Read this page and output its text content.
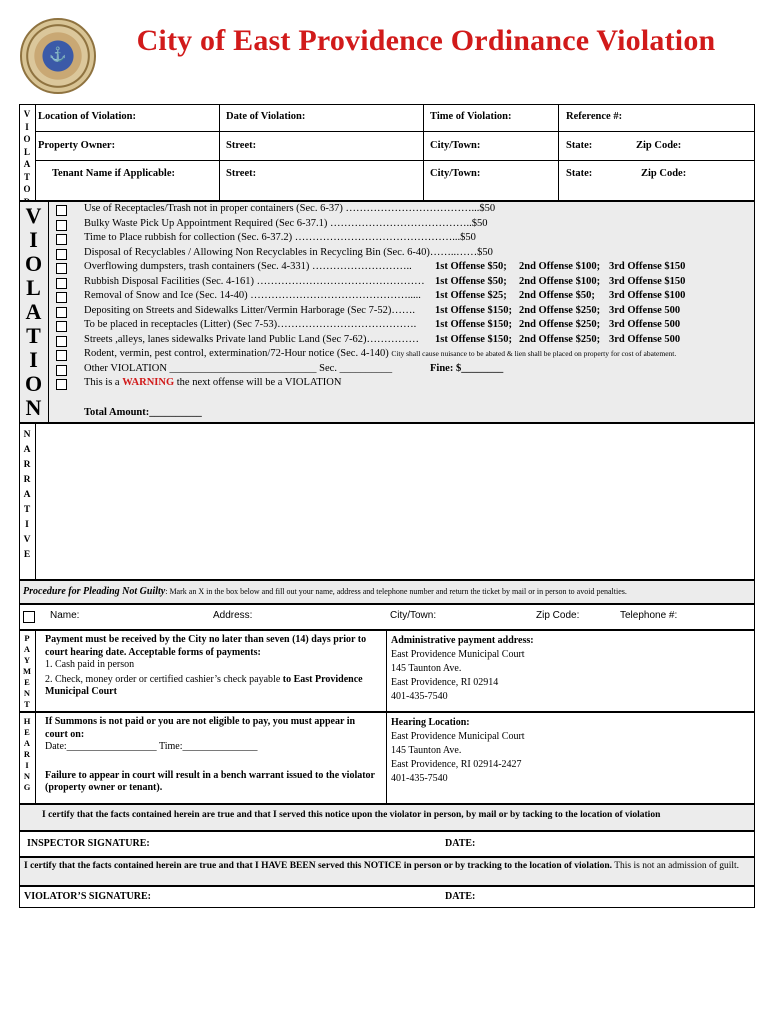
⚓	City of East Providence Ordinance Violation
V
I
O
L
A
T
O
Location of Violation:	Date of Violation:	Time of Violation:	Reference #:
Property Owner:	Street:	City/Town:	State:	Zip Code:
Tenant Name if Applicable:	Street:	City/Town:	State:	Zip Code:
V
I
O
L
A
T
I
O
N
Use of Receptacles/Trash not in proper containers (Sec. 6-37) ………………………………...$50
Bulky Waste Pick Up Appointment Required (Sec 6-37.1) …………………………………..$50
Time to Place rubbish for collection (Sec. 6-37.2) ………………………………………...$50
Disposal of Recyclables / Allowing Non Recyclables in Recycling Bin (Sec. 6-40)……..……$50
Overflowing dumpsters, trash containers (Sec. 4-331) ……………………….. 1st Offense $50; 2nd Offense $100; 3rd Offense $150
Rubbish Disposal Facilities (Sec. 4-161) ………………………………………… 1st Offense $50; 2nd Offense $100; 3rd Offense $150
Removal of Snow and Ice (Sec. 14-40) ………………………………………..... 1st Offense $25; 2nd Offense $50; 3rd Offense $100
Depositing on Streets and Sidewalks Litter/Vermin Harborage (Sec 7-52)……. 1st Offense $150; 2nd Offense $250; 3rd Offense 500
To be placed in receptacles (Litter) (Sec 7-53)…………………………………. 1st Offense $150; 2nd Offense $250; 3rd Offense 500
Streets ,alleys, lanes sidewalks Private land Public Land (Sec 7-62)…………… 1st Offense $150; 2nd Offense $250; 3rd Offense 500
Rodent, vermin, pest control, extermination/72-Hour notice (Sec. 4-140) City shall cause nuisance to be abated & lien shall be placed on property for cost of abatement.
Other VIOLATION ____________________________ Sec. __________	Fine: $________
This is a WARNING the next offense will be a VIOLATION
Total Amount:__________
N
A
R
R
A
T
I
V
E
Procedure for Pleading Not Guilty: Mark an X in the box below and fill out your name, address and telephone number and return the ticket by mail or in person to avoid penalties.
Name:	Address:	City/Town:	Zip Code:	Telephone #:
P
A
Y
M
E
N
T
Payment must be received by the City no later than seven (14) days prior to court hearing date. Acceptable forms of payments:
1. Cash paid in person
2. Check, money order or certified cashier’s check payable to East Providence Municipal Court
Administrative payment address:
East Providence Municipal Court
145 Taunton Ave.
East Providence, RI 02914
401-435-7540
H
E
A
R
I
N
G
If Summons is not paid or you are not eligible to pay, you must appear in court on:
Date:__________________ Time:_______________
Failure to appear in court will result in a bench warrant issued to the violator (property owner or tenant).
Hearing Location:
East Providence Municipal Court
145 Taunton Ave.
East Providence, RI 02914-2427
401-435-7540
I certify that the facts contained herein are true and that I served this notice upon the violator in person, by mail or by tacking to the location of violation
INSPECTOR SIGNATURE:	DATE:
I certify that the facts contained herein are true and that I HAVE BEEN served this NOTICE in person or by tracking to the location of violation. This is not an admission of guilt.
VIOLATOR’S SIGNATURE:	DATE:
